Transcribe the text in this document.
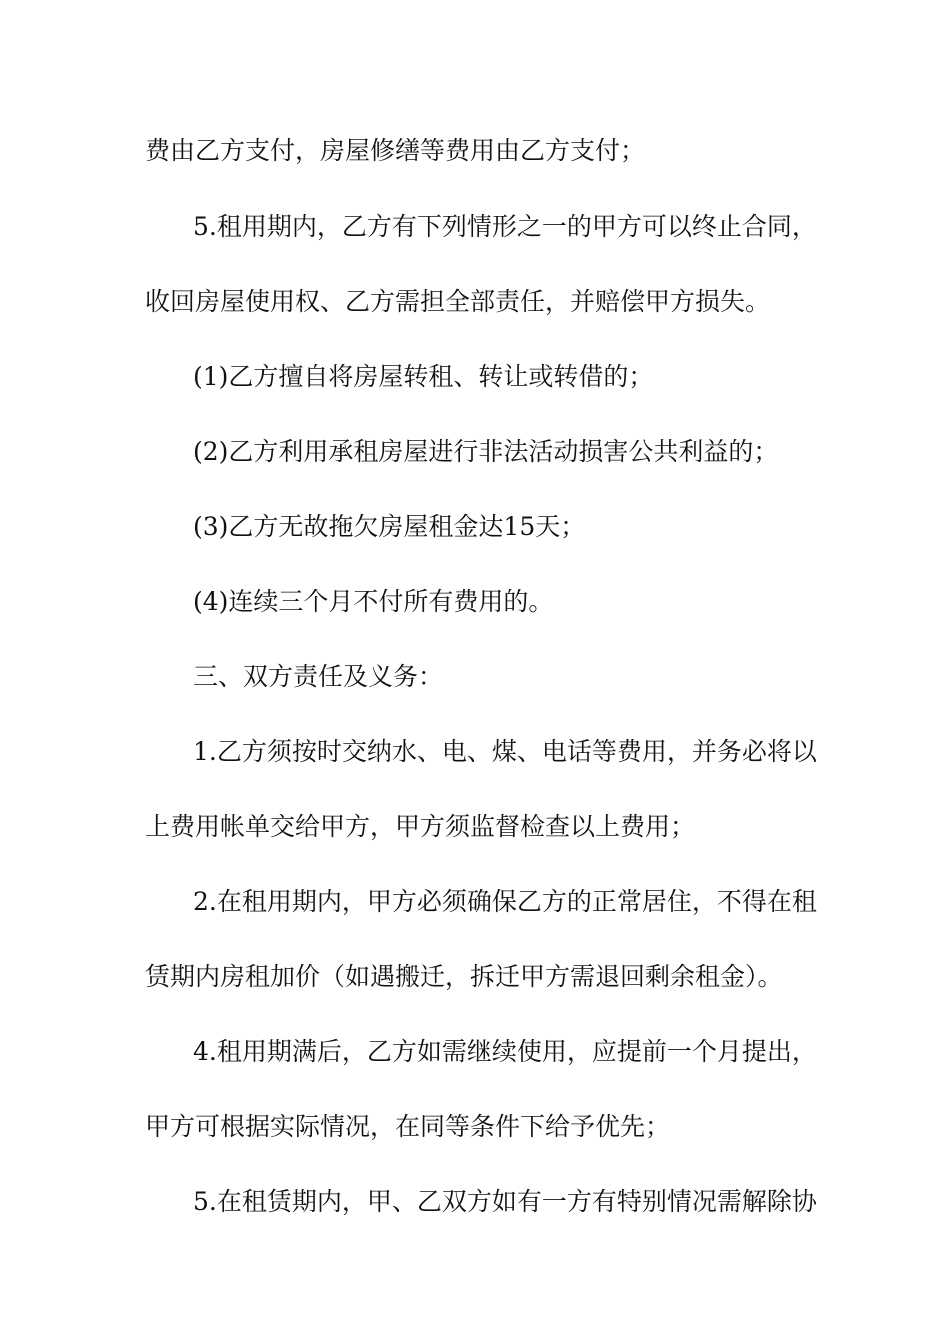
费由乙方支付，房屋修缮等费用由乙方支付；
5.租用期内，乙方有下列情形之一的甲方可以终止合同，
收回房屋使用权、乙方需担全部责任，并赔偿甲方损失。
(1)乙方擅自将房屋转租、转让或转借的；
(2)乙方利用承租房屋进行非法活动损害公共利益的；
(3)乙方无故拖欠房屋租金达15天；
(4)连续三个月不付所有费用的。
三、双方责任及义务：
1.乙方须按时交纳水、电、煤、电话等费用，并务必将以
上费用帐单交给甲方，甲方须监督检查以上费用；
2.在租用期内，甲方必须确保乙方的正常居住，不得在租
赁期内房租加价（如遇搬迁，拆迁甲方需退回剩余租金）。
4.租用期满后，乙方如需继续使用，应提前一个月提出，
甲方可根据实际情况，在同等条件下给予优先；
5.在租赁期内，甲、乙双方如有一方有特别情况需解除协
